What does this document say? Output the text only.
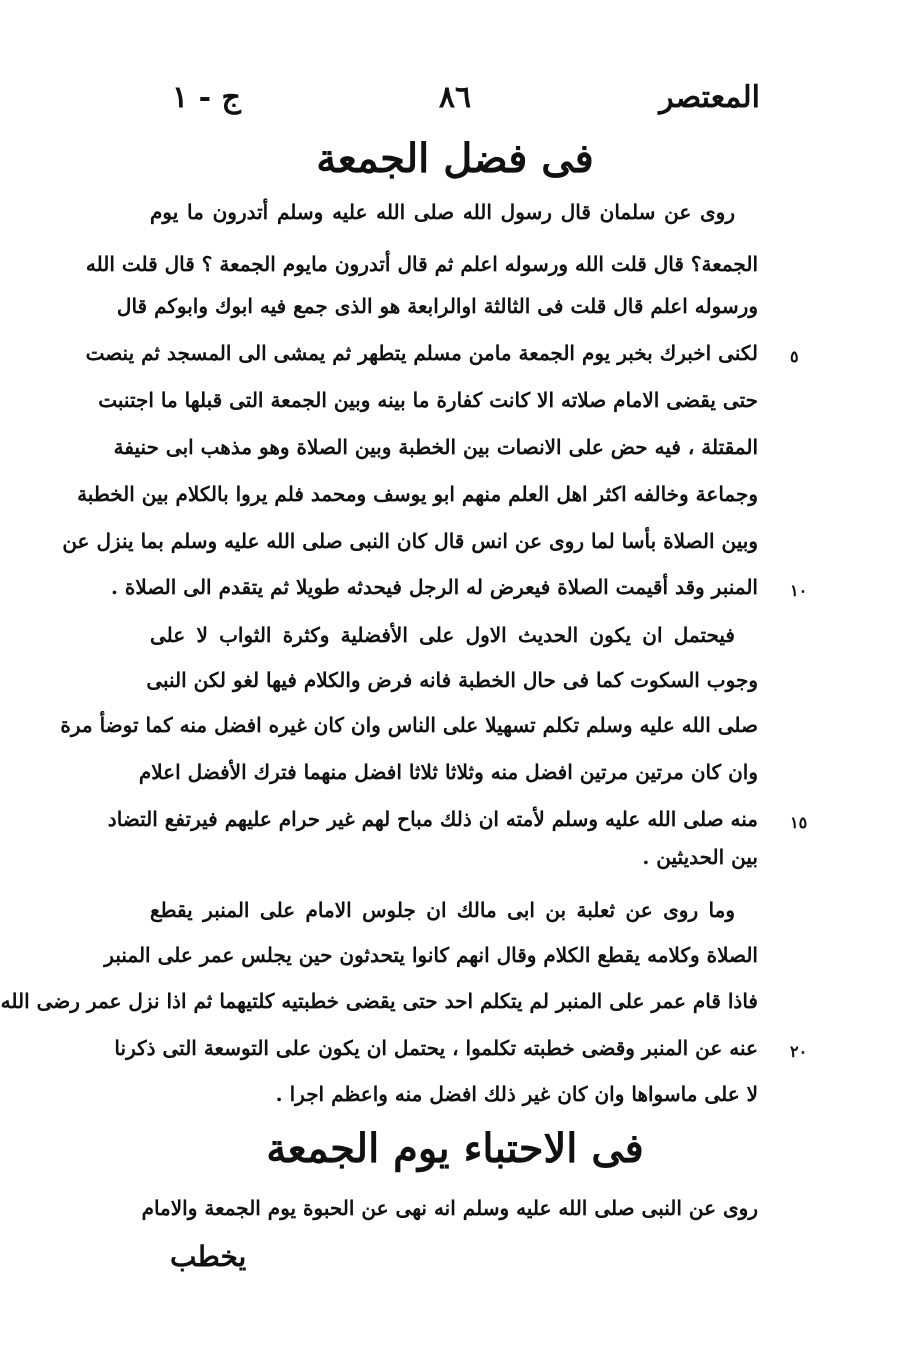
المعتصر
٨٦
ج - ١
فى فضل الجمعة
روى عن سلمان قال رسول الله صلى الله عليه وسلم أتدرون ما يوم
الجمعة؟ قال قلت الله ورسوله اعلم ثم قال أتدرون مايوم الجمعة ؟ قال قلت الله
ورسوله اعلم قال قلت فى الثالثة اوالرابعة هو الذى جمع فيه ابوك وابوكم قال
لكنى اخبرك بخبر يوم الجمعة مامن مسلم يتطهر ثم يمشى الى المسجد ثم ينصت
حتى يقضى الامام صلاته الا كانت كفارة ما بينه وبين الجمعة التى قبلها ما اجتنبت
المقتلة ، فيه حض على الانصات بين الخطبة وبين الصلاة وهو مذهب ابى حنيفة
وجماعة وخالفه اكثر اهل العلم منهم ابو يوسف ومحمد فلم يروا بالكلام بين الخطبة
وبين الصلاة بأسا لما روى عن انس قال كان النبى صلى الله عليه وسلم بما ينزل عن
المنبر وقد أقيمت الصلاة فيعرض له الرجل فيحدثه طويلا ثم يتقدم الى الصلاة .
فيحتمل ان يكون الحديث الاول على الأفضلية وكثرة الثواب لا على
وجوب السكوت كما فى حال الخطبة فانه فرض والكلام فيها لغو لكن النبى
صلى الله عليه وسلم تكلم تسهيلا على الناس وان كان غيره افضل منه كما توضأ مرة
وان كان مرتين مرتين افضل منه وثلاثا ثلاثا افضل منهما فترك الأفضل اعلام
منه صلى الله عليه وسلم لأمته ان ذلك مباح لهم غير حرام عليهم فيرتفع التضاد
بين الحديثين .
وما روى عن ثعلبة بن ابى مالك ان جلوس الامام على المنبر يقطع
الصلاة وكلامه يقطع الكلام وقال انهم كانوا يتحدثون حين يجلس عمر على المنبر
فاذا قام عمر على المنبر لم يتكلم احد حتى يقضى خطبتيه كلتيهما ثم اذا نزل عمر رضى الله
عنه عن المنبر وقضى خطبته تكلموا ، يحتمل ان يكون على التوسعة التى ذكرنا
لا على ماسواها وان كان غير ذلك افضل منه واعظم اجرا .
فى الاحتباء يوم الجمعة
روى عن النبى صلى الله عليه وسلم انه نهى عن الحبوة يوم الجمعة والامام
٥
١٠
١٥
٢٠
يخطب
